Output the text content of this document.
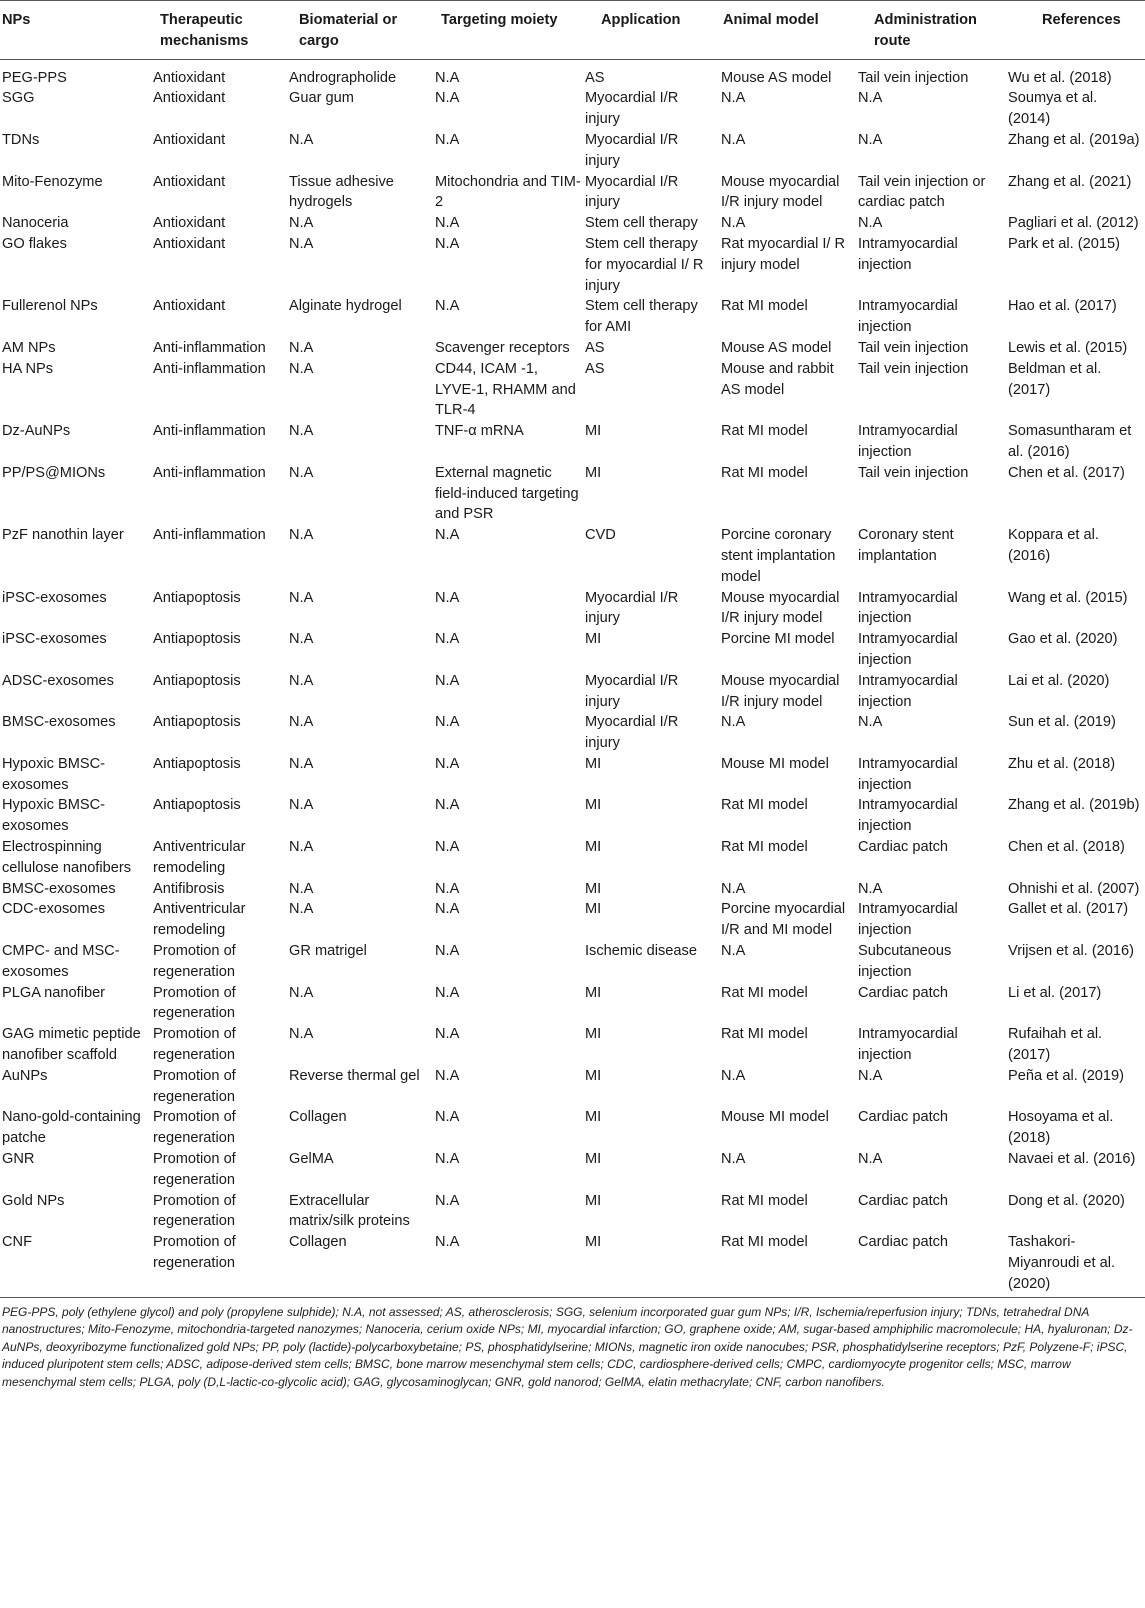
NPs	Therapeutic mechanisms	Biomaterial or cargo	Targeting moiety	Application	Animal model	Administration route	References

PEG-PPS	Antioxidant	Andrographolide	N.A	AS	Mouse AS model	Tail vein injection	Wu et al. (2018)

SGG	Antioxidant	Guar gum	N.A	Myocardial I/R injury	N.A	N.A	Soumya et al. (2014)

TDNs	Antioxidant	N.A	N.A	Myocardial I/R injury	N.A	N.A	Zhang et al. (2019a)

Mito-Fenozyme	Antioxidant	Tissue adhesive hydrogels	Mitochondria and TIM-2	Myocardial I/R injury	Mouse myocardial I/R injury model	Tail vein injection or cardiac patch	Zhang et al. (2021)

Nanoceria	Antioxidant	N.A	N.A	Stem cell therapy	N.A	N.A	Pagliari et al. (2012)

GO flakes	Antioxidant	N.A	N.A	Stem cell therapy for myocardial I/ R injury	Rat myocardial I/ R injury model	Intramyocardial injection	Park et al. (2015)

Fullerenol NPs	Antioxidant	Alginate hydrogel	N.A	Stem cell therapy for AMI	Rat MI model	Intramyocardial injection	Hao et al. (2017)

AM NPs	Anti-inflammation	N.A	Scavenger receptors	AS	Mouse AS model	Tail vein injection	Lewis et al. (2015)

HA NPs	Anti-inflammation	N.A	CD44, ICAM -1, LYVE-1, RHAMM and TLR-4	AS	Mouse and rabbit AS model	Tail vein injection	Beldman et al. (2017)

Dz-AuNPs	Anti-inflammation	N.A	TNF-α mRNA	MI	Rat MI model	Intramyocardial injection	Somasuntharam et al. (2016)

PP/PS@MIONs	Anti-inflammation	N.A	External magnetic field-induced targeting and PSR	MI	Rat MI model	Tail vein injection	Chen et al. (2017)

PzF nanothin layer	Anti-inflammation	N.A	N.A	CVD	Porcine coronary stent implantation model	Coronary stent implantation	Koppara et al. (2016)

iPSC-exosomes	Antiapoptosis	N.A	N.A	Myocardial I/R injury	Mouse myocardial I/R injury model	Intramyocardial injection	Wang et al. (2015)

iPSC-exosomes	Antiapoptosis	N.A	N.A	MI	Porcine MI model	Intramyocardial injection	Gao et al. (2020)

ADSC-exosomes	Antiapoptosis	N.A	N.A	Myocardial I/R injury	Mouse myocardial I/R injury model	Intramyocardial injection	Lai et al. (2020)

BMSC-exosomes	Antiapoptosis	N.A	N.A	Myocardial I/R injury	N.A	N.A	Sun et al. (2019)

Hypoxic BMSC-exosomes	Antiapoptosis	N.A	N.A	MI	Mouse MI model	Intramyocardial injection	Zhu et al. (2018)

Hypoxic BMSC-exosomes	Antiapoptosis	N.A	N.A	MI	Rat MI model	Intramyocardial injection	Zhang et al. (2019b)

Electrospinning cellulose nanofibers	Antiventricular remodeling	N.A	N.A	MI	Rat MI model	Cardiac patch	Chen et al. (2018)

BMSC-exosomes	Antifibrosis	N.A	N.A	MI	N.A	N.A	Ohnishi et al. (2007)

CDC-exosomes	Antiventricular remodeling	N.A	N.A	MI	Porcine myocardial I/R and MI model	Intramyocardial injection	Gallet et al. (2017)

CMPC- and MSC-exosomes	Promotion of regeneration	GR matrigel	N.A	Ischemic disease	N.A	Subcutaneous injection	Vrijsen et al. (2016)

PLGA nanofiber	Promotion of regeneration	N.A	N.A	MI	Rat MI model	Cardiac patch	Li et al. (2017)

GAG mimetic peptide nanofiber scaffold	Promotion of regeneration	N.A	N.A	MI	Rat MI model	Intramyocardial injection	Rufaihah et al. (2017)

AuNPs	Promotion of regeneration	Reverse thermal gel	N.A	MI	N.A	N.A	Peña et al. (2019)

Nano-gold-containing patche	Promotion of regeneration	Collagen	N.A	MI	Mouse MI model	Cardiac patch	Hosoyama et al. (2018)

GNR	Promotion of regeneration	GelMA	N.A	MI	N.A	N.A	Navaei et al. (2016)

Gold NPs	Promotion of regeneration	Extracellular matrix/silk proteins	N.A	MI	Rat MI model	Cardiac patch	Dong et al. (2020)

CNF	Promotion of regeneration	Collagen	N.A	MI	Rat MI model	Cardiac patch	Tashakori-Miyanroudi et al. (2020)
PEG-PPS, poly (ethylene glycol) and poly (propylene sulphide); N.A, not assessed; AS, atherosclerosis; SGG, selenium incorporated guar gum NPs; I/R, Ischemia/reperfusion injury; TDNs, tetrahedral DNA nanostructures; Mito-Fenozyme, mitochondria-targeted nanozymes; Nanoceria, cerium oxide NPs; MI, myocardial infarction; GO, graphene oxide; AM, sugar-based amphiphilic macromolecule; HA, hyaluronan; Dz-AuNPs, deoxyribozyme functionalized gold NPs; PP, poly (lactide)-polycarboxybetaine; PS, phosphatidylserine; MIONs, magnetic iron oxide nanocubes; PSR, phosphatidylserine receptors; PzF, Polyzene-F; iPSC, induced pluripotent stem cells; ADSC, adipose-derived stem cells; BMSC, bone marrow mesenchymal stem cells; CDC, cardiosphere-derived cells; CMPC, cardiomyocyte progenitor cells; MSC, marrow mesenchymal stem cells; PLGA, poly (D,L-lactic-co-glycolic acid); GAG, glycosaminoglycan; GNR, gold nanorod; GelMA, elatin methacrylate; CNF, carbon nanofibers.
